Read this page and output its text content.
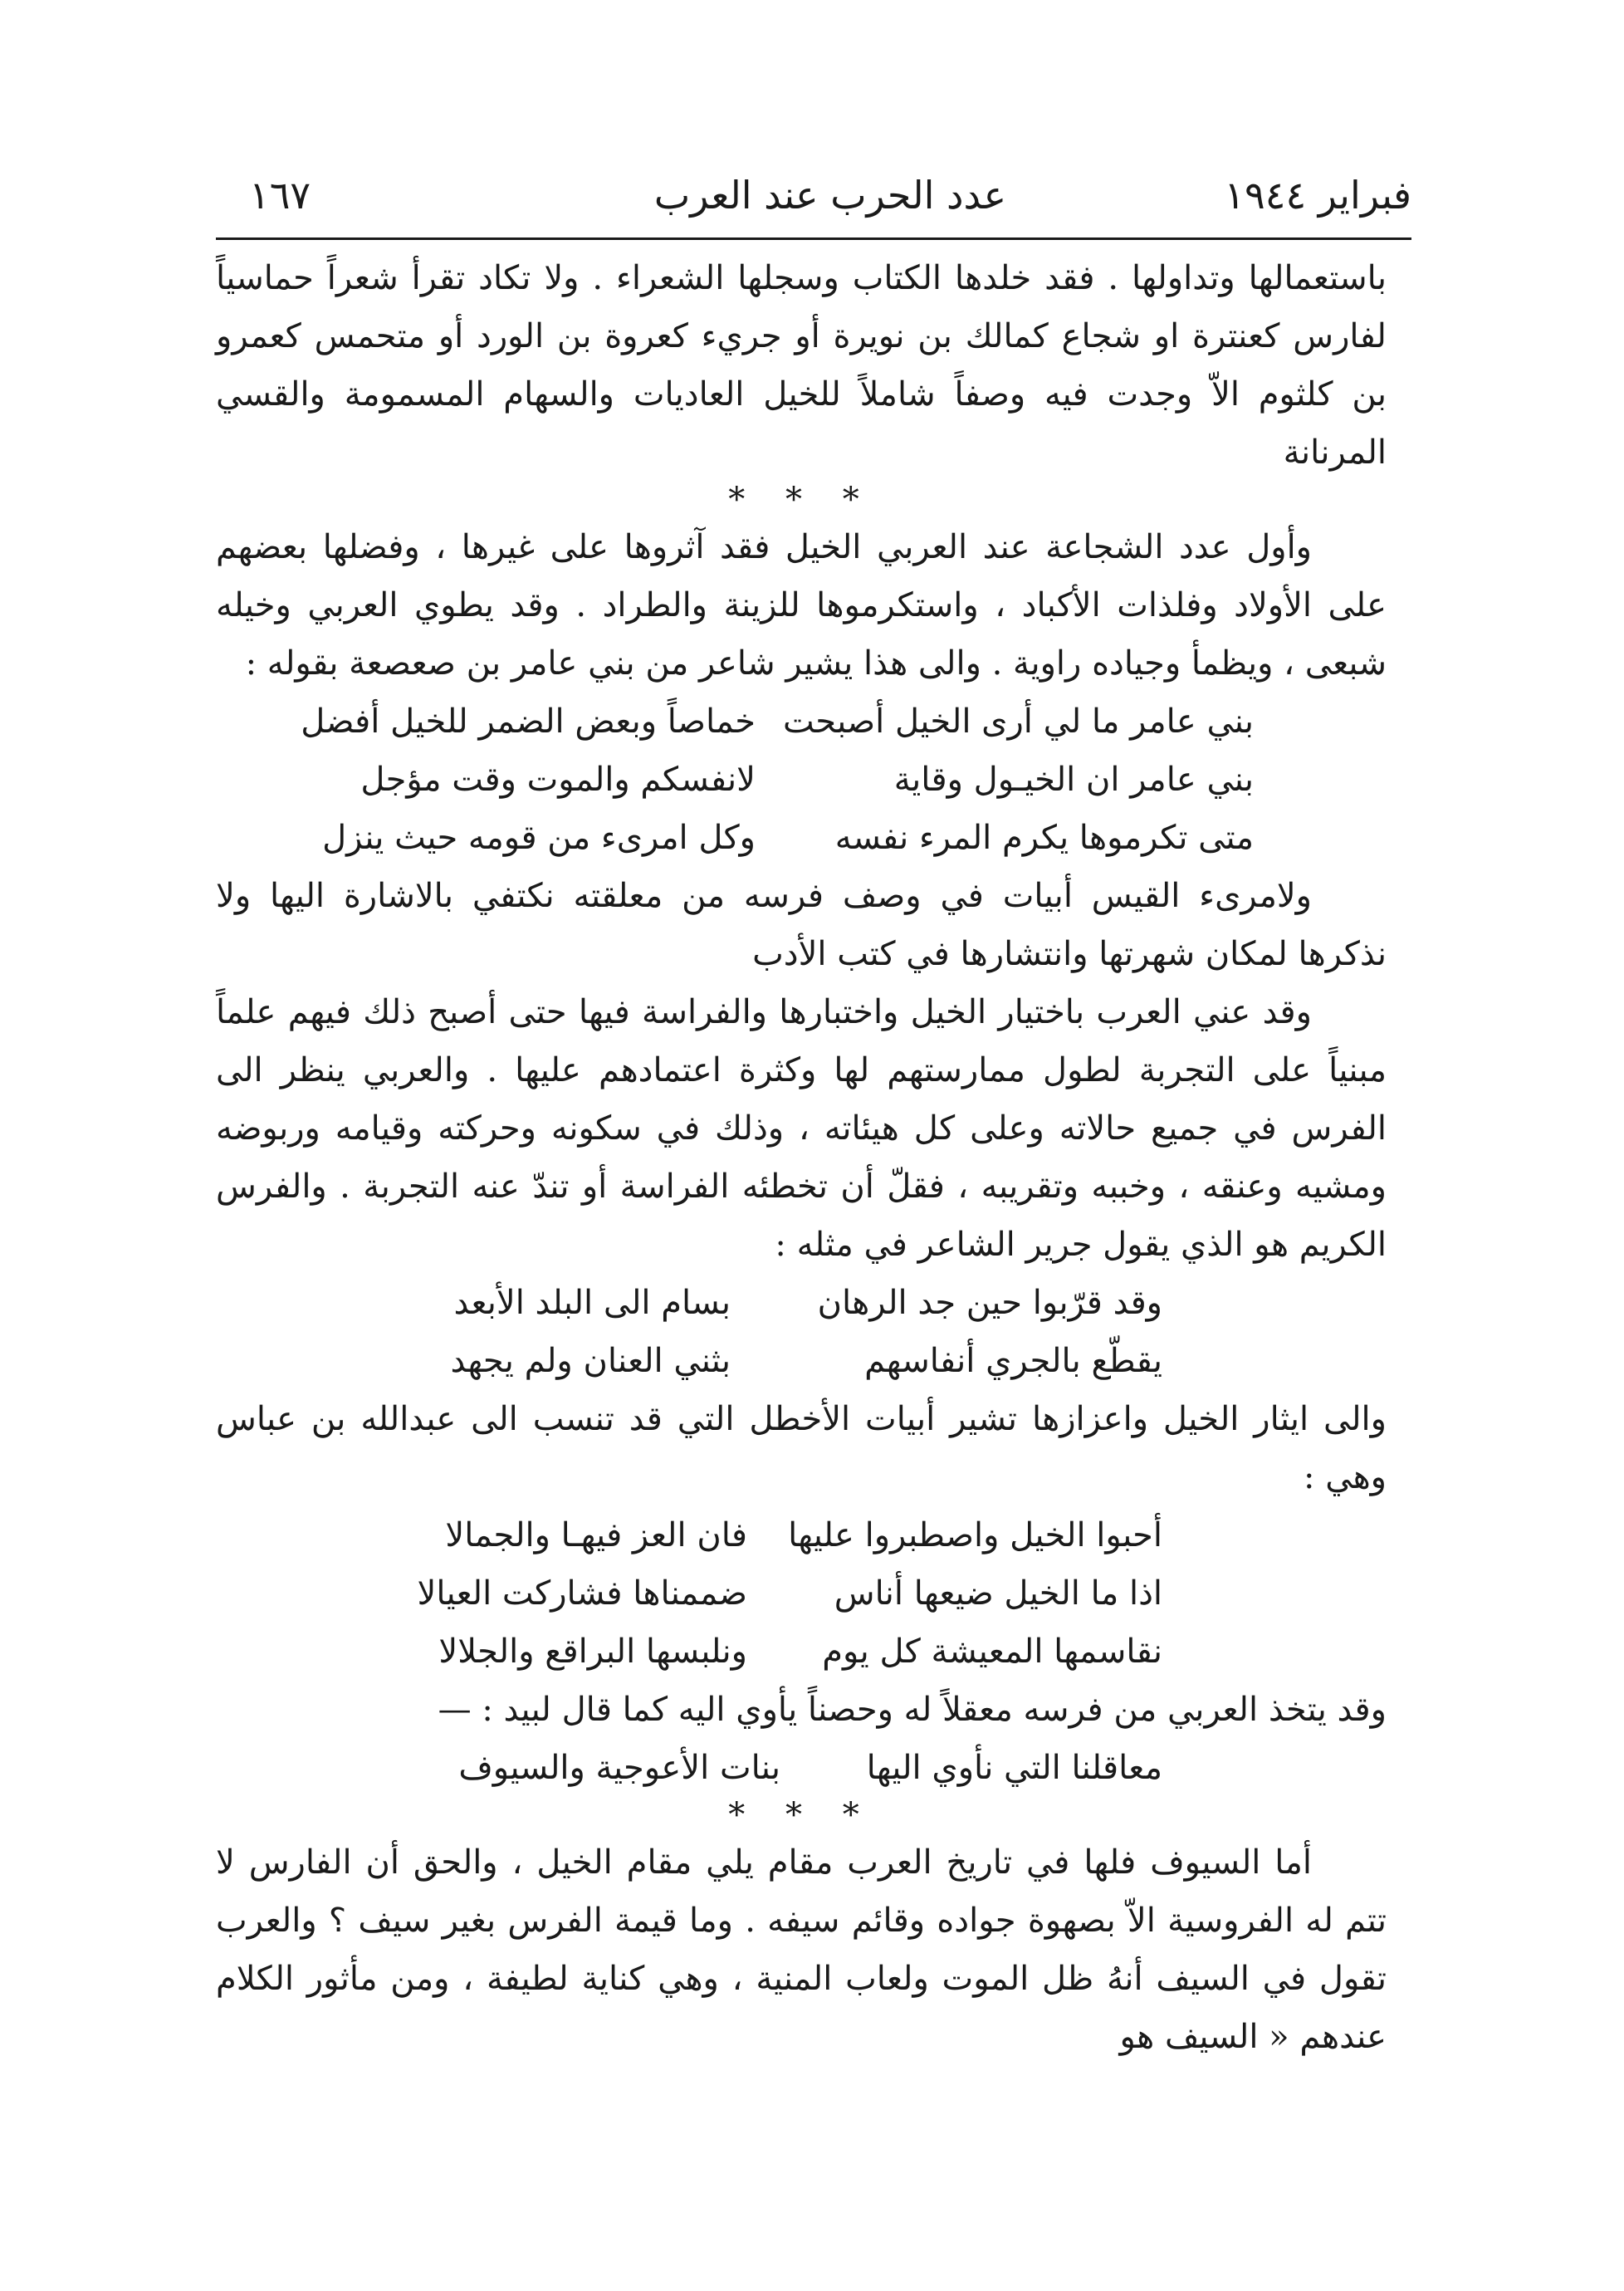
١٦٧	عدد الحرب عند العرب	فبراير ١٩٤٤

باستعمالها وتداولها . فقد خلدها الكتاب وسجلها الشعراء . ولا تكاد تقرأ شعراً حماسياً لفارس كعنترة او شجاع كمالك بن نويرة أو جريء كعروة بن الورد أو متحمس كعمرو بن كلثوم الاّ وجدت فيه وصفاً شاملاً للخيل العاديات والسهام المسمومة والقسي المرنانة

* * *

وأول عدد الشجاعة عند العربي الخيل فقد آثروها على غيرها ، وفضلها بعضهم على الأولاد وفلذات الأكباد ، واستكرموها للزينة والطراد . وقد يطوي العربي وخيله شبعى ، ويظمأ وجياده راوية . والى هذا يشير شاعر من بني عامر بن صعصعة بقوله :

بني عامر ما لي أرى الخيل أصبحت
خماصاً وبعض الضمر للخيل أفضل
بني عامر ان الخيـول وقاية
لانفسكم والموت وقت مؤجل
متى تكرموها يكرم المرء نفسه
وكل امرىء من قومه حيث ينزل

ولامرىء القيس أبيات في وصف فرسه من معلقته نكتفي بالاشارة اليها ولا نذكرها لمكان شهرتها وانتشارها في كتب الأدب

وقد عني العرب باختيار الخيل واختبارها والفراسة فيها حتى أصبح ذلك فيهم علماً مبنياً على التجربة لطول ممارستهم لها وكثرة اعتمادهم عليها . والعربي ينظر الى الفرس في جميع حالاته وعلى كل هيئاته ، وذلك في سكونه وحركته وقيامه وربوضه ومشيه وعنقه ، وخببه وتقريبه ، فقلّ أن تخطئه الفراسة أو تندّ عنه التجربة . والفرس الكريم هو الذي يقول جرير الشاعر في مثله :

وقد قرّبوا حين جد الرهان
بسام الى البلد الأبعد
يقطّع بالجري أنفاسهم
بثني العنان ولم يجهد

والى ايثار الخيل واعزازها تشير أبيات الأخطل التي قد تنسب الى عبدالله بن عباس وهي :

أحبوا الخيل واصطبروا عليها
فان العز فيهـا والجمالا
اذا ما الخيل ضيعها أناس
ضممناها فشاركت العيالا
نقاسمها المعيشة كل يوم
ونلبسها البراقع والجلالا

وقد يتخذ العربي من فرسه معقلاً له وحصناً يأوي اليه كما قال لبيد : —

معاقلنا التي نأوي اليها
بنات الأعوجية والسيوف

* * *

أما السيوف فلها في تاريخ العرب مقام يلي مقام الخيل ، والحق أن الفارس لا تتم له الفروسية الاّ بصهوة جواده وقائم سيفه . وما قيمة الفرس بغير سيف ؟ والعرب تقول في السيف أنهُ ظل الموت ولعاب المنية ، وهي كناية لطيفة ، ومن مأثور الكلام عندهم « السيف هو
